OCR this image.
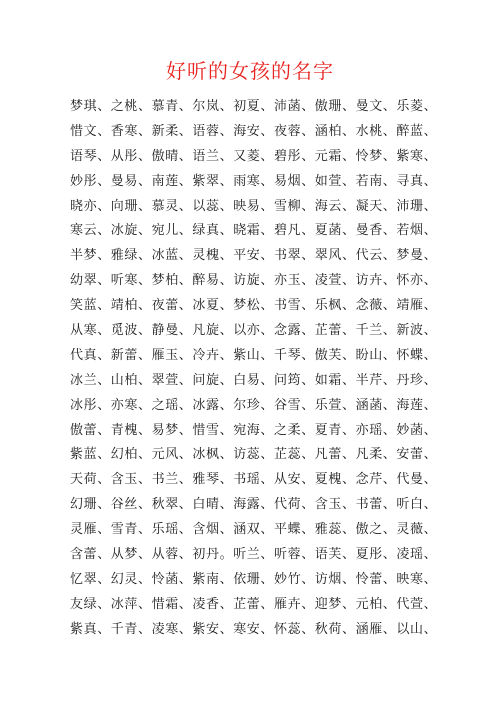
好听的女孩的名字
梦琪、之桃、慕青、尔岚、初夏、沛菡、傲珊、曼文、乐菱、
惜文、香寒、新柔、语蓉、海安、夜蓉、涵柏、水桃、醉蓝、
语琴、从彤、傲晴、语兰、又菱、碧彤、元霜、怜梦、紫寒、
妙彤、曼易、南莲、紫翠、雨寒、易烟、如萱、若南、寻真、
晓亦、向珊、慕灵、以蕊、映易、雪柳、海云、凝天、沛珊、
寒云、冰旋、宛儿、绿真、晓霜、碧凡、夏菡、曼香、若烟、
半梦、雅绿、冰蓝、灵槐、平安、书翠、翠风、代云、梦曼、
幼翠、听寒、梦柏、醉易、访旋、亦玉、凌萱、访卉、怀亦、
笑蓝、靖柏、夜蕾、冰夏、梦松、书雪、乐枫、念薇、靖雁、
从寒、觅波、静曼、凡旋、以亦、念露、芷蕾、千兰、新波、
代真、新蕾、雁玉、冷卉、紫山、千琴、傲芙、盼山、怀蝶、
冰兰、山柏、翠萱、问旋、白易、问筠、如霜、半芹、丹珍、
冰彤、亦寒、之瑶、冰露、尔珍、谷雪、乐萱、涵菡、海莲、
傲蕾、青槐、易梦、惜雪、宛海、之柔、夏青、亦瑶、妙菡、
紫蓝、幻柏、元风、冰枫、访蕊、芷蕊、凡蕾、凡柔、安蕾、
天荷、含玉、书兰、雅琴、书瑶、从安、夏槐、念芹、代曼、
幻珊、谷丝、秋翠、白晴、海露、代荷、含玉、书蕾、听白、
灵雁、雪青、乐瑶、含烟、涵双、平蝶、雅蕊、傲之、灵薇、
含蕾、从梦、从蓉、初丹。听兰、听蓉、语芙、夏彤、凌瑶、
忆翠、幻灵、怜菡、紫南、依珊、妙竹、访烟、怜蕾、映寒、
友绿、冰萍、惜霜、凌香、芷蕾、雁卉、迎梦、元柏、代萱、
紫真、千青、凌寒、紫安、寒安、怀蕊、秋荷、涵雁、以山、
